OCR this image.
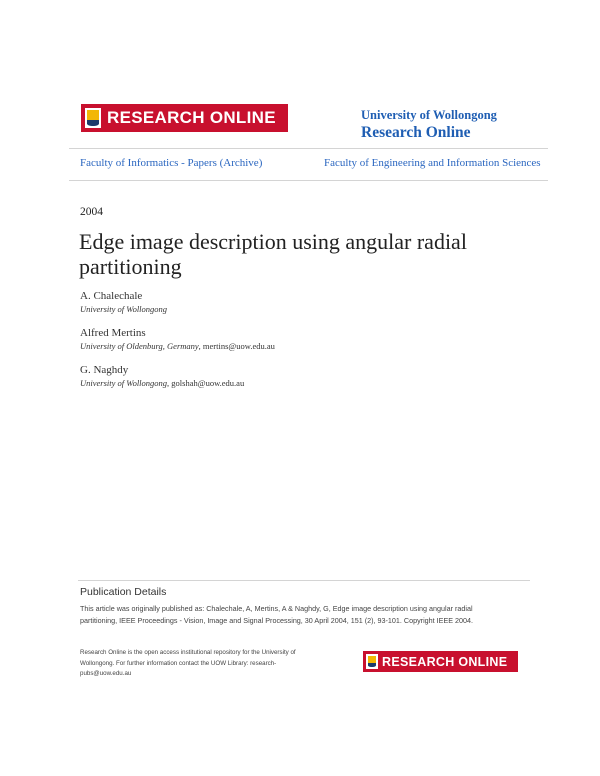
RESEARCH ONLINE	University of Wollongong
Research Online
Faculty of Informatics - Papers (Archive)	Faculty of Engineering and Information Sciences
2004
Edge image description using angular radial partitioning
A. Chalechale
University of Wollongong
Alfred Mertins
University of Oldenburg, Germany, mertins@uow.edu.au
G. Naghdy
University of Wollongong, golshah@uow.edu.au
Publication Details
This article was originally published as: Chalechale, A, Mertins, A & Naghdy, G, Edge image description using angular radial partitioning, IEEE Proceedings - Vision, Image and Signal Processing, 30 April 2004, 151 (2), 93-101. Copyright IEEE 2004.
Research Online is the open access institutional repository for the University of Wollongong. For further information contact the UOW Library: research-pubs@uow.edu.au
RESEARCH ONLINE
